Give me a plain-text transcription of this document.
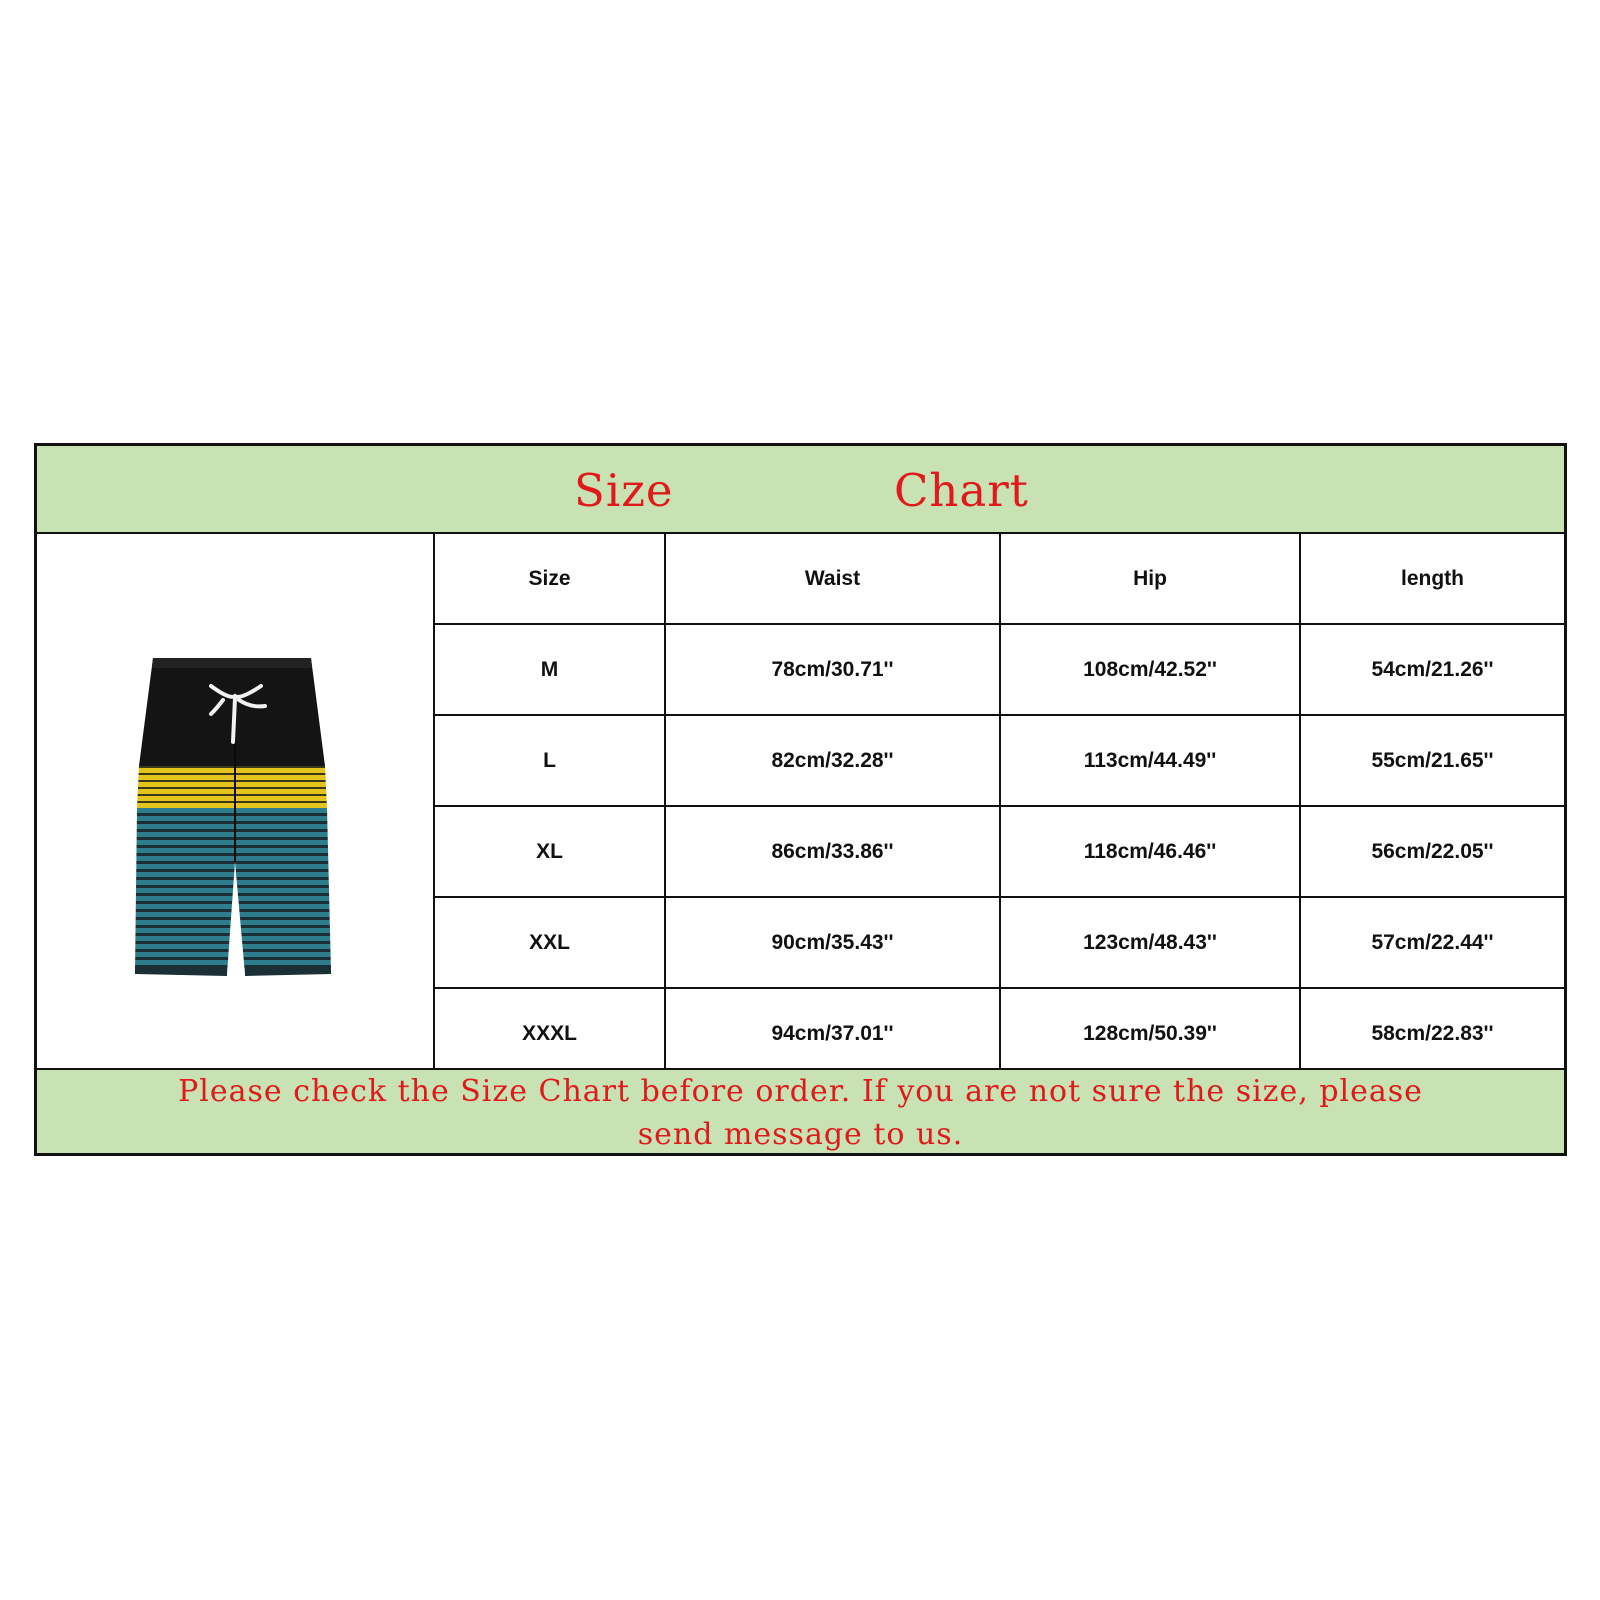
Size	Chart
Size	Waist	Hip	length
M	78cm/30.71''	108cm/42.52''	54cm/21.26''
L	82cm/32.28''	113cm/44.49''	55cm/21.65''
XL	86cm/33.86''	118cm/46.46''	56cm/22.05''
XXL	90cm/35.43''	123cm/48.43''	57cm/22.44''
XXXL	94cm/37.01''	128cm/50.39''	58cm/22.83''
Please check the Size Chart before order. If you are not sure the size, please
send message to us.
